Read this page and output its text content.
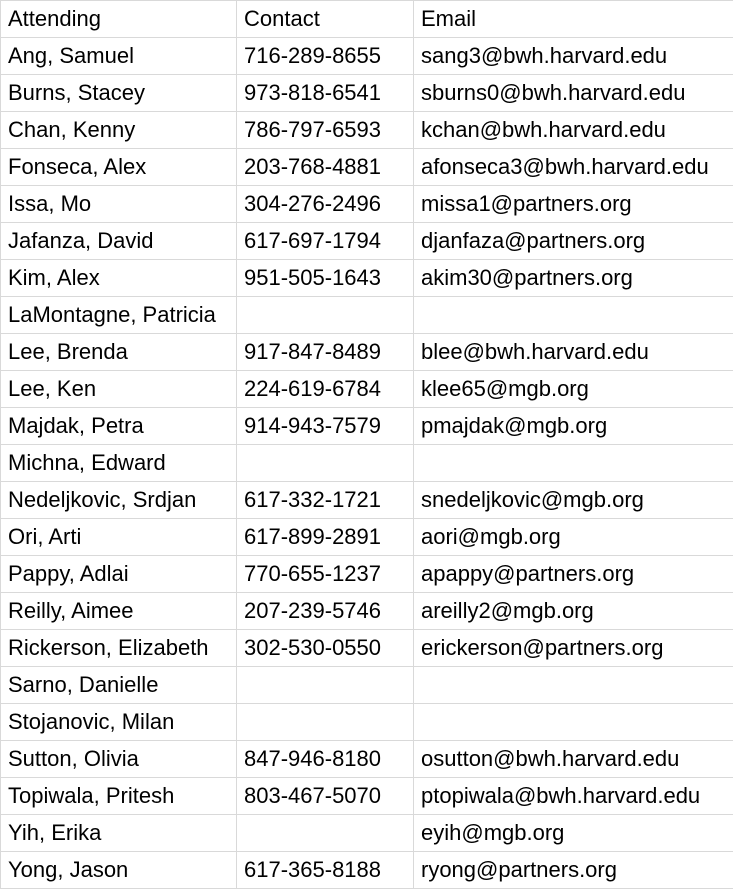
Attending	Contact	Email
Ang, Samuel	716-289-8655	sang3@bwh.harvard.edu
Burns, Stacey	973-818-6541	sburns0@bwh.harvard.edu
Chan, Kenny	786-797-6593	kchan@bwh.harvard.edu
Fonseca, Alex	203-768-4881	afonseca3@bwh.harvard.edu
Issa, Mo	304-276-2496	missa1@partners.org
Jafanza, David	617-697-1794	djanfaza@partners.org
Kim, Alex	951-505-1643	akim30@partners.org
LaMontagne, Patricia		
Lee, Brenda	917-847-8489	blee@bwh.harvard.edu
Lee, Ken	224-619-6784	klee65@mgb.org
Majdak, Petra	914-943-7579	pmajdak@mgb.org
Michna, Edward		
Nedeljkovic, Srdjan	617-332-1721	snedeljkovic@mgb.org
Ori, Arti	617-899-2891	aori@mgb.org
Pappy, Adlai	770-655-1237	apappy@partners.org
Reilly, Aimee	207-239-5746	areilly2@mgb.org
Rickerson, Elizabeth	302-530-0550	erickerson@partners.org
Sarno, Danielle		
Stojanovic, Milan		
Sutton, Olivia	847-946-8180	osutton@bwh.harvard.edu
Topiwala, Pritesh	803-467-5070	ptopiwala@bwh.harvard.edu
Yih, Erika		eyih@mgb.org
Yong, Jason	617-365-8188	ryong@partners.org
